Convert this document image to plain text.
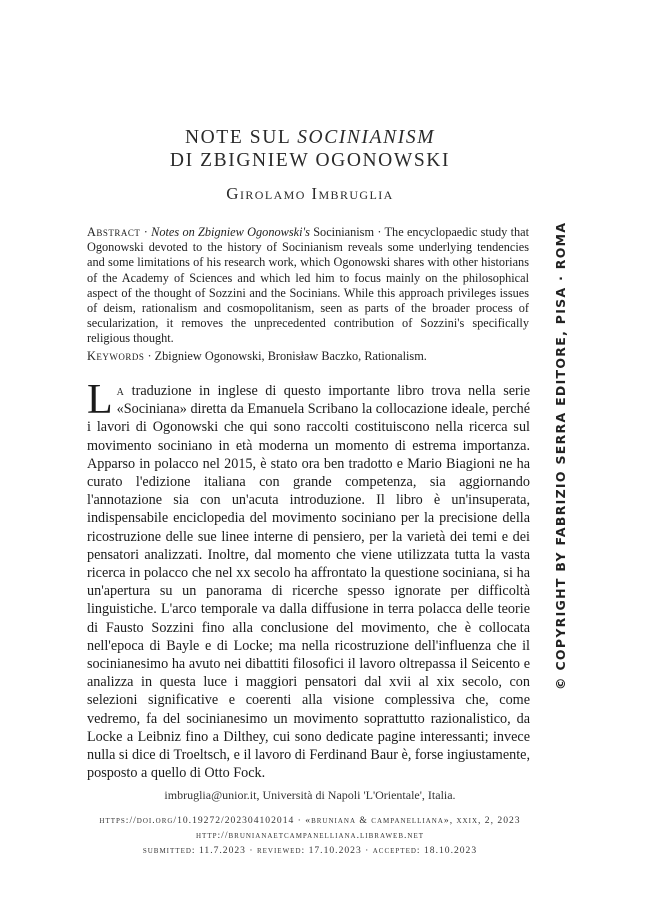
NOTE SUL SOCINIANISM
DI ZBIGNIEW OGONOWSKI
Girolamo Imbruglia
Abstract · Notes on Zbigniew Ogonowski's Socinianism · The encyclopaedic study that Ogonowski devoted to the history of Socinianism reveals some underlying tendencies and some limitations of his research work, which Ogonowski shares with other historians of the Academy of Sciences and which led him to focus mainly on the philosophical aspect of the thought of Sozzini and the Socinians. While this approach privileges issues of deism, rationalism and cosmopolitanism, seen as parts of the broader process of secularization, it removes the unprecedented contribution of Sozzini's specifically religious thought.
Keywords · Zbigniew Ogonowski, Bronisław Baczko, Rationalism.
La traduzione in inglese di questo importante libro trova nella serie «Sociniana» diretta da Emanuela Scribano la collocazione ideale, perché i lavori di Ogonowski che qui sono raccolti costituiscono nella ricerca sul movimento sociniano in età moderna un momento di estrema importanza. Apparso in polacco nel 2015, è stato ora ben tradotto e Mario Biagioni ne ha curato l'edizione italiana con grande competenza, sia aggiornando l'annotazione sia con un'acuta introduzione. Il libro è un'insuperata, indispensabile enciclopedia del movimento sociniano per la precisione della ricostruzione delle sue linee interne di pensiero, per la varietà dei temi e dei pensatori analizzati. Inoltre, dal momento che viene utilizzata tutta la vasta ricerca in polacco che nel xx secolo ha affrontato la questione sociniana, si ha un'apertura su un panorama di ricerche spesso ignorate per difficoltà linguistiche. L'arco temporale va dalla diffusione in terra polacca delle teorie di Fausto Sozzini fino alla conclusione del movimento, che è collocata nell'epoca di Bayle e di Locke; ma nella ricostruzione dell'influenza che il socinianesimo ha avuto nei dibattiti filosofici il lavoro oltrepassa il Seicento e analizza in questa luce i maggiori pensatori dal xvii al xix secolo, con selezioni significative e coerenti alla visione complessiva che, come vedremo, fa del socinianesimo un movimento soprattutto razionalistico, da Locke a Leibniz fino a Dilthey, cui sono dedicate pagine interessanti; invece nulla si dice di Troeltsch, e il lavoro di Ferdinand Baur è, forse ingiustamente, posposto a quello di Otto Fock.
imbruglia@unior.it, Università di Napoli 'L'Orientale', Italia.
https://doi.org/10.19272/202304102014 · «bruniana & campanelliana», xxix, 2, 2023
http://brunianaetcampanelliana.libraweb.net
submitted: 11.7.2023 · reviewed: 17.10.2023 · accepted: 18.10.2023
© COPYRIGHT BY FABRIZIO SERRA EDITORE, PISA · ROMA
